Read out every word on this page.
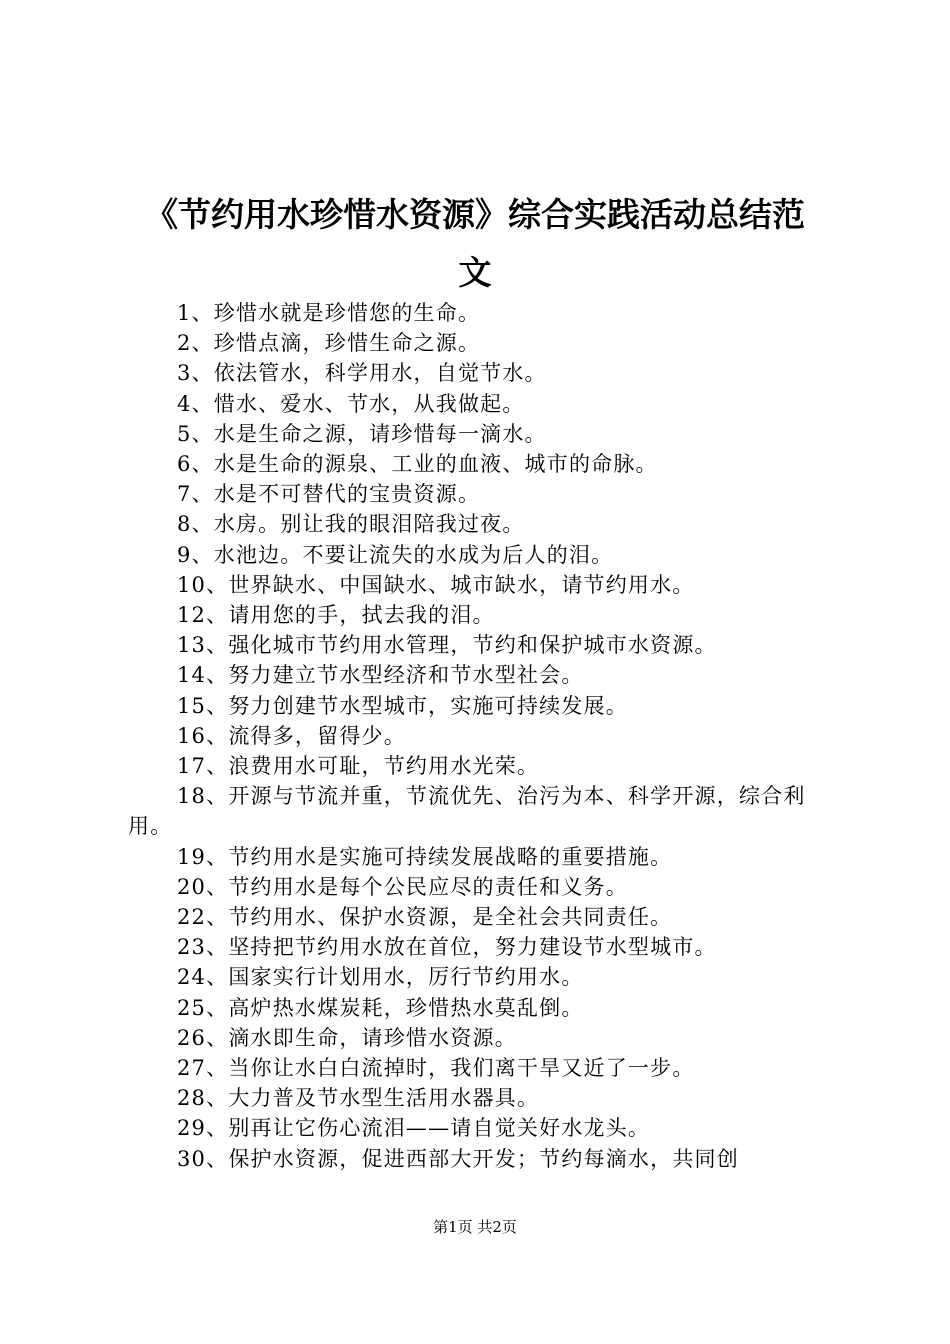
《节约用水珍惜水资源》综合实践活动总结范
文
1、珍惜水就是珍惜您的生命。
2、珍惜点滴，珍惜生命之源。
3、依法管水，科学用水，自觉节水。
4、惜水、爱水、节水，从我做起。
5、水是生命之源，请珍惜每一滴水。
6、水是生命的源泉、工业的血液、城市的命脉。
7、水是不可替代的宝贵资源。
8、水房。别让我的眼泪陪我过夜。
9、水池边。不要让流失的水成为后人的泪。
10、世界缺水、中国缺水、城市缺水，请节约用水。
12、请用您的手，拭去我的泪。
13、强化城市节约用水管理，节约和保护城市水资源。
14、努力建立节水型经济和节水型社会。
15、努力创建节水型城市，实施可持续发展。
16、流得多，留得少。
17、浪费用水可耻，节约用水光荣。
18、开源与节流并重，节流优先、治污为本、科学开源，综合利用。
19、节约用水是实施可持续发展战略的重要措施。
20、节约用水是每个公民应尽的责任和义务。
22、节约用水、保护水资源，是全社会共同责任。
23、坚持把节约用水放在首位，努力建设节水型城市。
24、国家实行计划用水，厉行节约用水。
25、高炉热水煤炭耗，珍惜热水莫乱倒。
26、滴水即生命，请珍惜水资源。
27、当你让水白白流掉时，我们离干旱又近了一步。
28、大力普及节水型生活用水器具。
29、别再让它伤心流泪——请自觉关好水龙头。
30、保护水资源，促进西部大开发；节约每滴水，共同创
第1页 共2页
